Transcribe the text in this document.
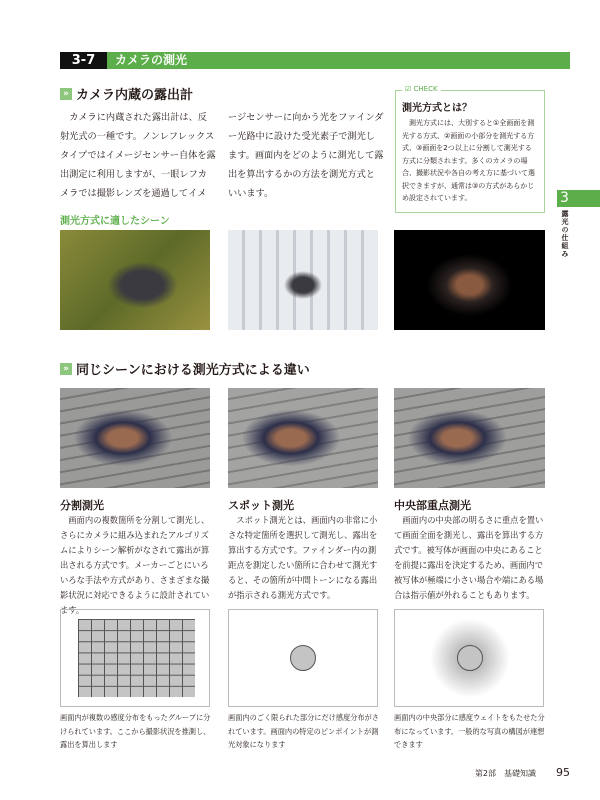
3-7	カメラの測光
» カメラ内蔵の露出計
カメラに内蔵された露出計は、反射光式の一種です。ノンレフレックスタイプではイメージセンサー自体を露出測定に利用しますが、一眼レフカメラでは撮影レンズを通過してイメ
ージセンサーに向かう光をファインダー光路中に設けた受光素子で測光します。画面内をどのように測光して露出を算出するかの方法を測光方式といいます。
☑ CHECK
測光方式とは？

測光方式には、大別すると①全画面を測光する方式、②画面の小部分を測光する方式、③画面を2つ以上に分割して測光する方式に分類されます。多くのカメラの場合、撮影状況や各自の考え方に基づいて選択できますが、通常は③の方式があらかじめ設定されています。	3
露光の仕組み
測光方式に適したシーン
» 同じシーンにおける測光方式による違い
分割測光	スポット測光	中央部重点測光
画面内の複数箇所を分割して測光し、さらにカメラに組み込まれたアルゴリズムによりシーン解析がなされて露出が算出される方式です。メーカーごとにいろいろな手法や方式があり、さまざまな撮影状況に対応できるように設計されています。
スポット測光とは、画面内の非常に小さな特定箇所を選択して測光し、露出を算出する方式です。ファインダー内の測距点を測定したい箇所に合わせて測光すると、その箇所が中間トーンになる露出が指示される測光方式です。
画面内の中央部の明るさに重点を置いて画面全面を測光し、露出を算出する方式です。被写体が画面の中央にあることを前提に露出を決定するため、画面内で被写体が極端に小さい場合や端にある場合は指示値が外れることもあります。
画面内が複数の感度分布をもったグループに分けられています。ここから撮影状況を推測し、露出を算出します
画面内のごく限られた部分にだけ感度分布がされています。画面内の特定のピンポイントが測光対象になります
画面内の中央部分に感度ウェイトをもたせた分布になっています。一般的な写真の構図が連想できます
第2部　基礎知識 95
